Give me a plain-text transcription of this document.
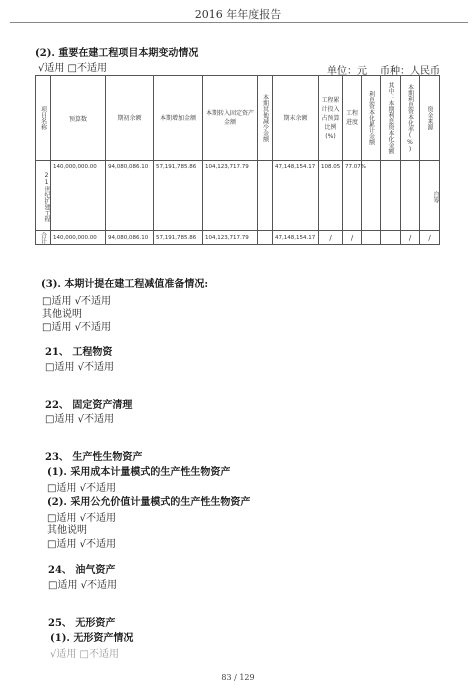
2016 年年度报告
(2). 重要在建工程项目本期变动情况
√适用 □不适用	单位：元 币种：人民币
项目名称	预算数	期初余额	本期增加金额	本期转入固定资产金额	本期其他减少金额	期末余额	工程累计投入占预算比例(%)	工程进度	利息资本化累计金额	其中：本期利息资本化金额	本期利息资本化率(%)	资金来源
21世纪扩建工程	140,000,000.00	94,080,086.10	57,191,785.86	104,123,717.79		47,148,154.17	108.05	77.07%				自筹
合计	140,000,000.00	94,080,086.10	57,191,785.86	104,123,717.79		47,148,154.17	/	/			/	/
(3). 本期计提在建工程减值准备情况:
□适用 √不适用
其他说明
□适用 √不适用
21、 工程物资
□适用 √不适用
22、 固定资产清理
□适用 √不适用
23、 生产性生物资产
(1). 采用成本计量模式的生产性生物资产
□适用 √不适用
(2). 采用公允价值计量模式的生产性生物资产
□适用 √不适用
其他说明
□适用 √不适用
24、 油气资产
□适用 √不适用
25、 无形资产
(1). 无形资产情况
√适用 □不适用
83 / 129
